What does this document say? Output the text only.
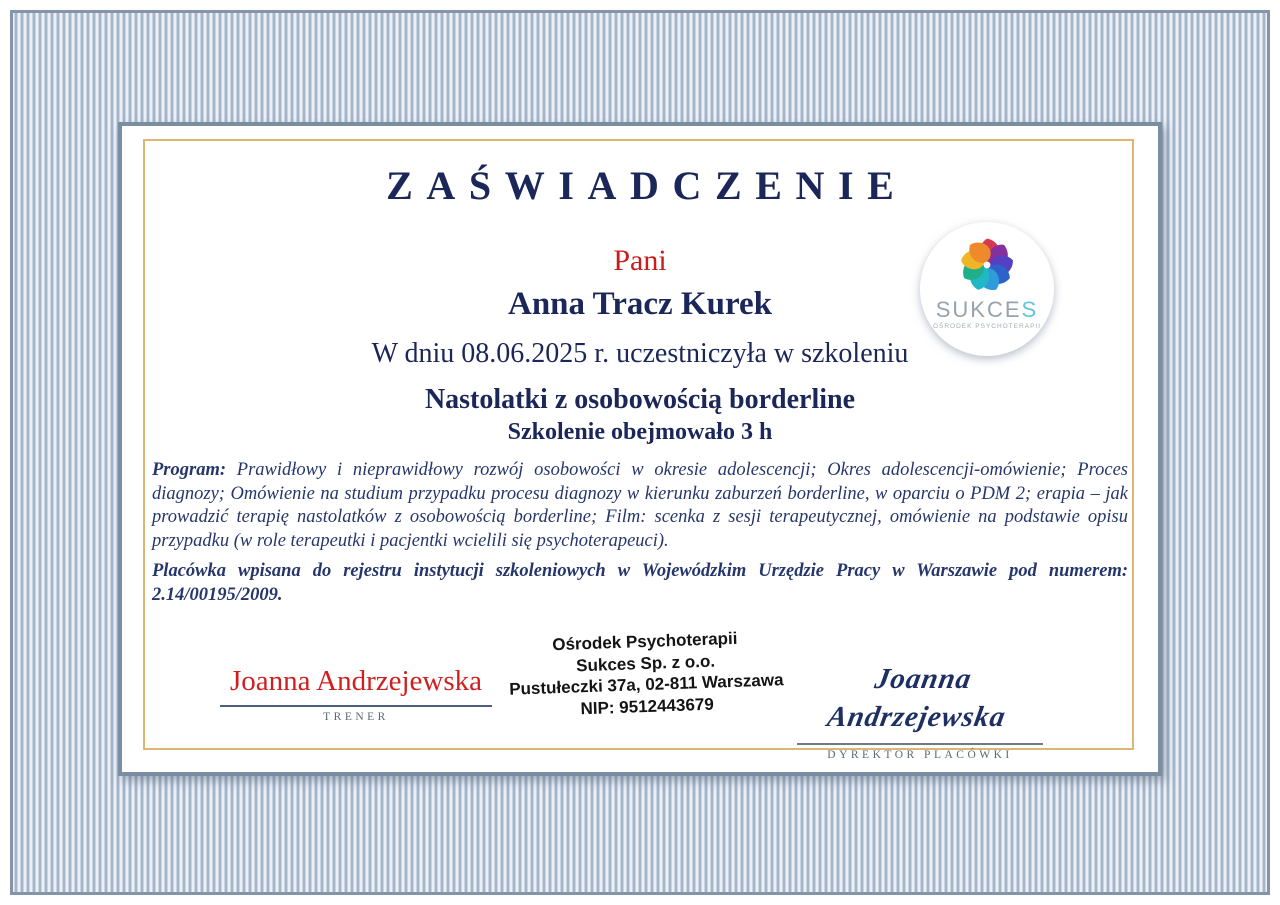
ZAŚWIADCZENIE
Pani
Anna Tracz Kurek
W dniu 08.06.2025 r. uczestniczyła w szkoleniu
Nastolatki z osobowością borderline
Szkolenie obejmowało 3 h
Program: Prawidłowy i nieprawidłowy rozwój osobowości w okresie adolescencji; Okres adolescencji-omówienie; Proces diagnozy; Omówienie na studium przypadku procesu diagnozy w kierunku zaburzeń borderline, w oparciu o PDM 2; erapia – jak prowadzić terapię nastolatków z osobowością borderline; Film: scenka z sesji terapeutycznej, omówienie na podstawie opisu przypadku (w role terapeutki i pacjentki wcielili się psychoterapeuci).
Placówka wpisana do rejestru instytucji szkoleniowych w Wojewódzkim Urzędzie Pracy w Warszawie pod numerem: 2.14/00195/2009.
SUKCES
OŚRODEK PSYCHOTERAPII
Joanna Andrzejewska
TRENER
Ośrodek Psychoterapii
Sukces Sp. z o.o.
Pustułeczki 37a, 02-811 Warszawa
NIP: 9512443679
Joanna Andrzejewska
DYREKTOR PLACÓWKI
